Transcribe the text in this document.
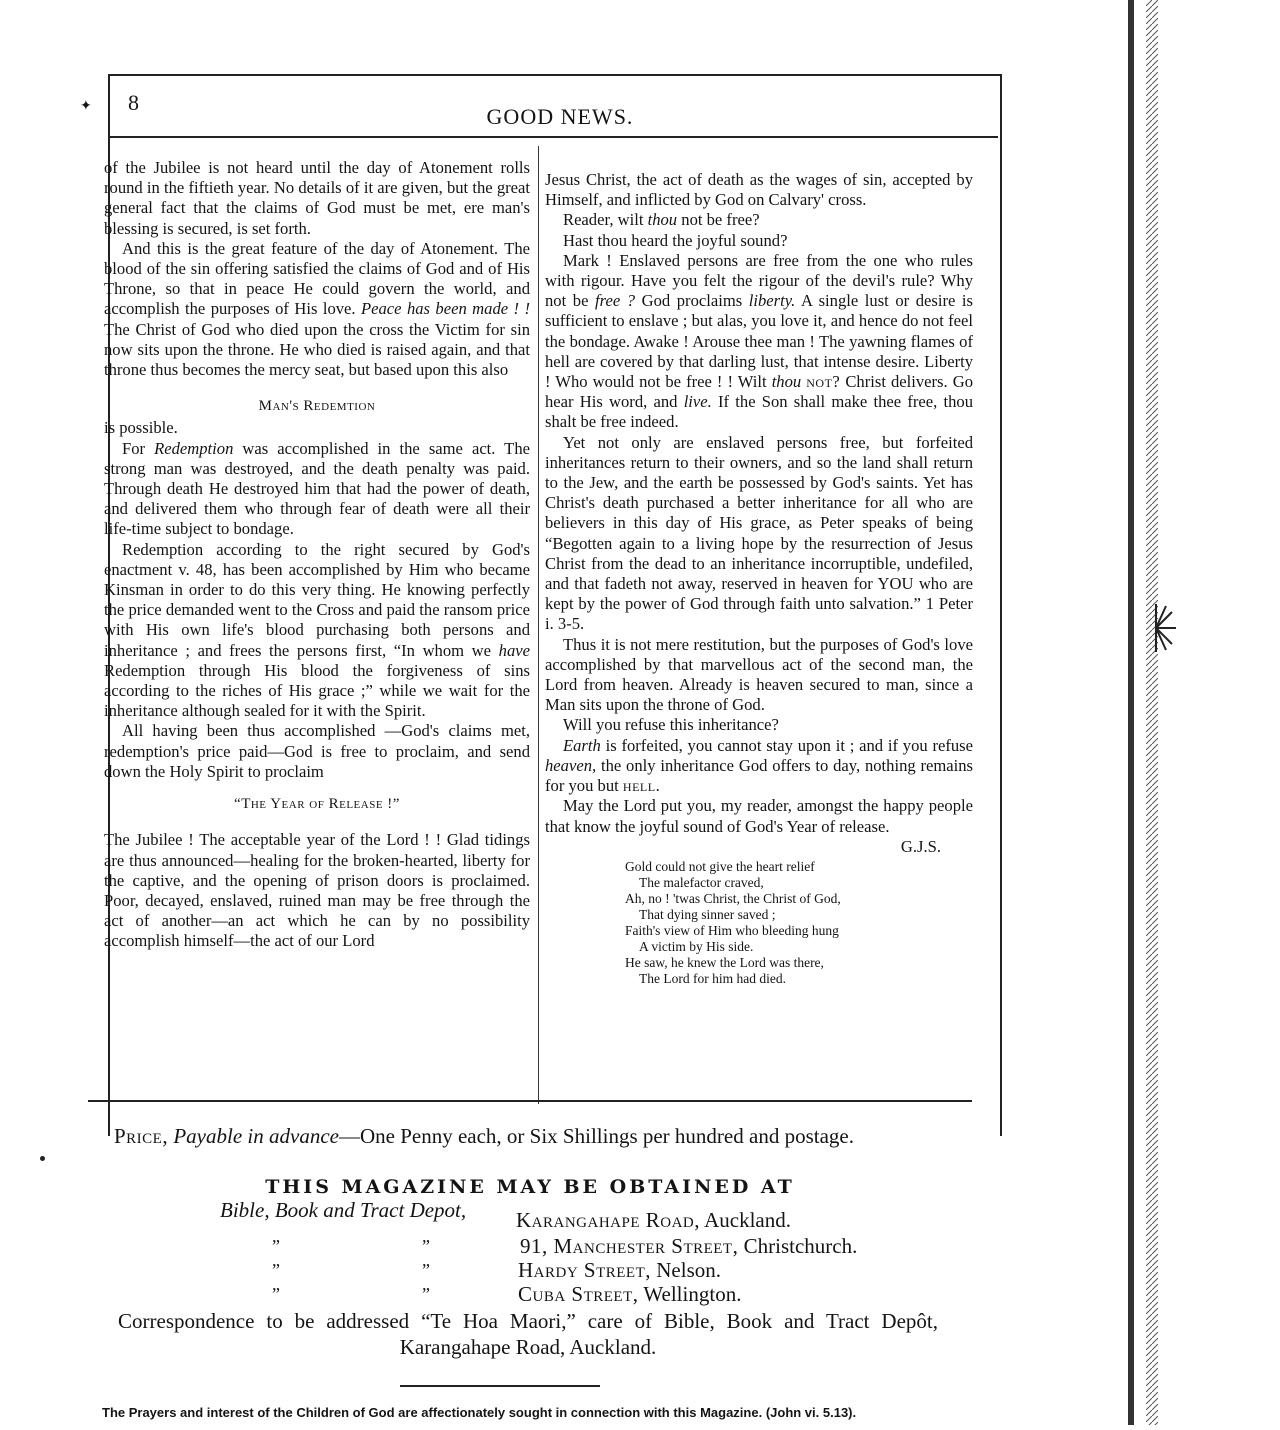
✦ 8
GOOD NEWS.

of the Jubilee is not heard until the day of Atonement rolls round in the fiftieth year. No details of it are given, but the great general fact that the claims of God must be met, ere man's blessing is secured, is set forth.

And this is the great feature of the day of Atonement. The blood of the sin offering satisfied the claims of God and of His Throne, so that in peace He could govern the world, and accomplish the purposes of His love. Peace has been made ! ! The Christ of God who died upon the cross the Victim for sin now sits upon the throne. He who died is raised again, and that throne thus becomes the mercy seat, but based upon this also

Man's Redemtion

is possible.

For Redemption was accomplished in the same act. The strong man was destroyed, and the death penalty was paid. Through death He destroyed him that had the power of death, and delivered them who through fear of death were all their life-time subject to bondage.

Redemption according to the right secured by God's enactment v. 48, has been accomplished by Him who became Kinsman in order to do this very thing. He knowing perfectly the price demanded went to the Cross and paid the ransom price with His own life's blood purchasing both persons and inheritance ; and frees the persons first, “In whom we have Redemption through His blood the forgiveness of sins according to the riches of His grace ;” while we wait for the inheritance although sealed for it with the Spirit.

All having been thus accomplished —God's claims met, redemption's price paid—God is free to proclaim, and send down the Holy Spirit to proclaim

“The Year of Release !”

The Jubilee ! The acceptable year of the Lord ! ! Glad tidings are thus announced—healing for the broken-hearted, liberty for the captive, and the opening of prison doors is proclaimed. Poor, decayed, enslaved, ruined man may be free through the act of another—an act which he can by no possibility accomplish himself—the act of our Lord

Jesus Christ, the act of death as the wages of sin, accepted by Himself, and inflicted by God on Calvary' cross.

Reader, wilt thou not be free?

Hast thou heard the joyful sound?

Mark ! Enslaved persons are free from the one who rules with rigour. Have you felt the rigour of the devil's rule? Why not be free ? God proclaims liberty. A single lust or desire is sufficient to enslave ; but alas, you love it, and hence do not feel the bondage. Awake ! Arouse thee man ! The yawning flames of hell are covered by that darling lust, that intense desire. Liberty ! Who would not be free ! ! Wilt thou not? Christ delivers. Go hear His word, and live. If the Son shall make thee free, thou shalt be free indeed.

Yet not only are enslaved persons free, but forfeited inheritances return to their owners, and so the land shall return to the Jew, and the earth be possessed by God's saints. Yet has Christ's death purchased a better inheritance for all who are believers in this day of His grace, as Peter speaks of being “Begotten again to a living hope by the resurrection of Jesus Christ from the dead to an inheritance incorruptible, undefiled, and that fadeth not away, reserved in heaven for YOU who are kept by the power of God through faith unto salvation.” 1 Peter i. 3-5.

Thus it is not mere restitution, but the purposes of God's love accomplished by that marvellous act of the second man, the Lord from heaven. Already is heaven secured to man, since a Man sits upon the throne of God.

Will you refuse this inheritance?

Earth is forfeited, you cannot stay upon it ; and if you refuse heaven, the only inheritance God offers to day, nothing remains for you but hell.

May the Lord put you, my reader, amongst the happy people that know the joyful sound of God's Year of release.

G.J.S.

Gold could not give the heart relief
The malefactor craved,
Ah, no ! 'twas Christ, the Christ of God,
That dying sinner saved ;
Faith's view of Him who bleeding hung
A victim by His side.
He saw, he knew the Lord was there,
The Lord for him had died.
Price, Payable in advance—One Penny each, or Six Shillings per hundred and postage.
THIS MAGAZINE MAY BE OBTAINED AT
Bible, Book and Tract Depot, Karangahape Road, Auckland.
”	”	91, Manchester Street, Christchurch.
”	”	Hardy Street, Nelson.
”	”	Cuba Street, Wellington.
Correspondence to be addressed “Te Hoa Maori,” care of Bible, Book and Tract Depôt, Karangahape Road, Auckland.
The Prayers and interest of the Children of God are affectionately sought in connection with this Magazine. (John vi. 5.13).
